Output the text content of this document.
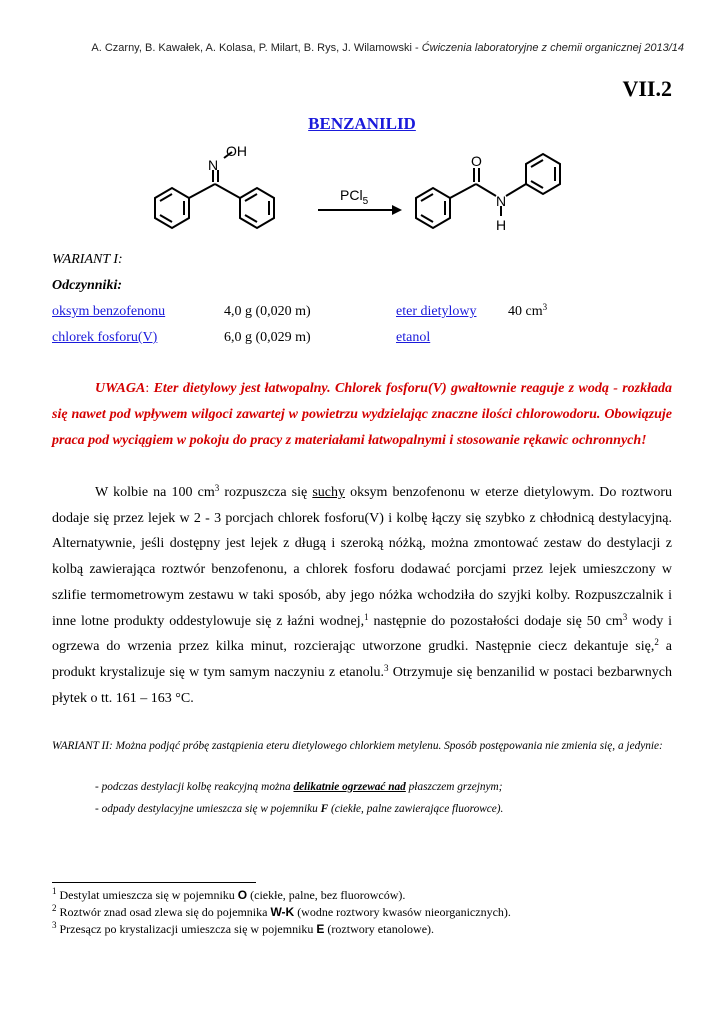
A. Czarny, B. Kawałek, A. Kolasa, P. Milart, B. Rys, J. Wilamowski - Ćwiczenia laboratoryjne z chemii organicznej 2013/14
VII.2
BENZANILID
N
OH
PCl$_5$
O
N
H
WARIANT I:
Odczynniki:
oksym benzofenonu	4,0 g (0,020 m)
chlorek fosforu(V)	6,0 g (0,029 m)
eter dietylowy 40 $cm^3$
etanol
UWAGA: Eter dietylowy jest łatwopalny. Chlorek fosforu(V) gwałtownie reaguje z wodą - rozkłada się nawet pod wpływem wilgoci zawartej w powietrzu wydzielając znaczne ilości chlorowodoru. Obowiązuje praca pod wyciągiem w pokoju do pracy z materiałami łatwopalnymi i stosowanie rękawic ochronnych!
W kolbie na 100 $cm^3$ rozpuszcza się suchy oksym benzofenonu w eterze dietylowym. Do roztworu dodaje się przez lejek w 2 - 3 porcjach chlorek fosforu(V) i kolbę łączy się szybko z chłodnicą destylacyjną. Alternatywnie, jeśli dostępny jest lejek z długą i szeroką nóżką, można zmontować zestaw do destylacji z kolbą zawierająca roztwór benzofenonu, a chlorek fosforu dodawać porcjami przez lejek umieszczony w szlifie termometrowym zestawu w taki sposób, aby jego nóżka wchodziła do szyjki kolby. Rozpuszczalnik i inne lotne produkty oddestylowuje się z łaźni wodnej,$^1$ następnie do pozostałości dodaje się 50 $cm^3$ wody i ogrzewa do wrzenia przez kilka minut, rozcierając utworzone grudki. Następnie ciecz dekantuje się,$^2$ a produkt krystalizuje się w tym samym naczyniu z etanolu.$^3$ Otrzymuje się benzanilid w postaci bezbarwnych płytek o tt. 161 – 163 °C.
WARIANT II: Można podjąć próbę zastąpienia eteru dietylowego chlorkiem metylenu. Sposób postępowania nie zmienia się, a jedynie:
- podczas destylacji kolbę reakcyjną można delikatnie ogrzewać nad płaszczem grzejnym;
- odpady destylacyjne umieszcza się w pojemniku F (ciekłe, palne zawierające fluorowce).
$^1$ Destylat umieszcza się w pojemniku O (ciekłe, palne, bez fluorowców).
$^2$ Roztwór znad osad zlewa się do pojemnika W-K (wodne roztwory kwasów nieorganicznych).
$^3$ Przesącz po krystalizacji umieszcza się w pojemniku E (roztwory etanolowe).
